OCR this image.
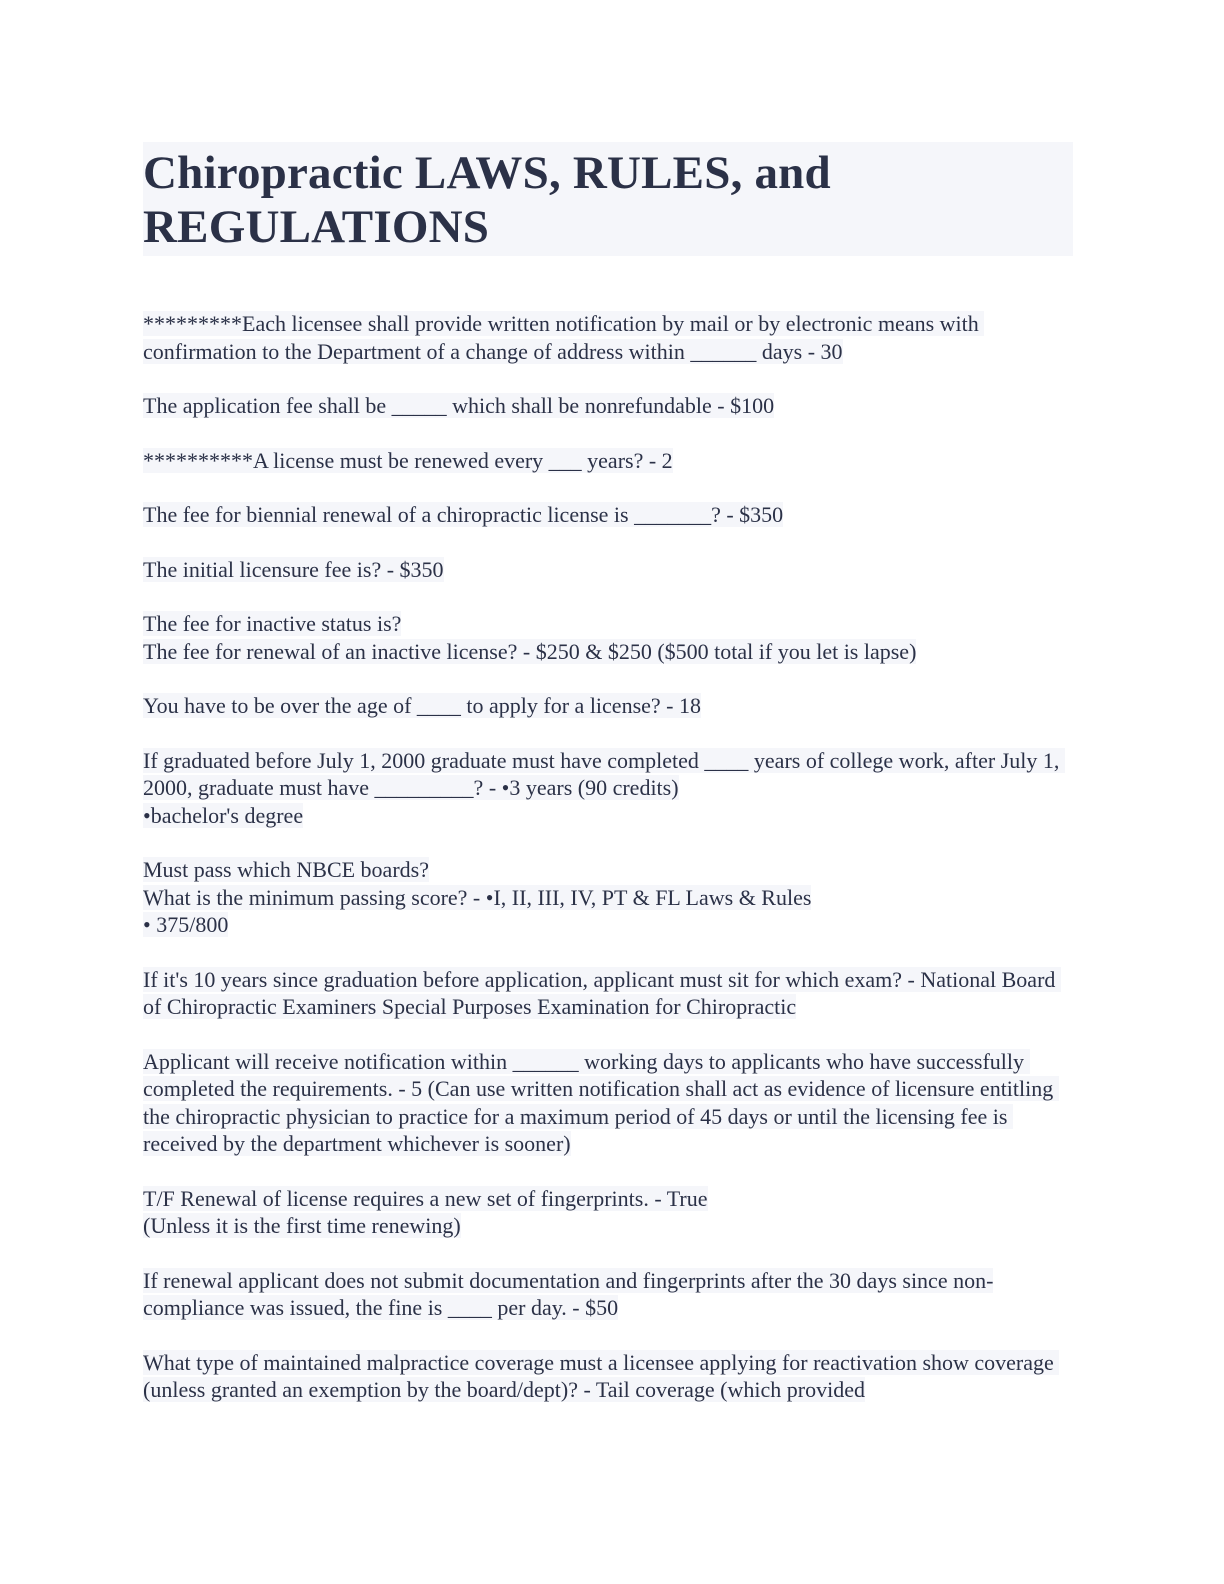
Chiropractic LAWS, RULES, and REGULATIONS

*********Each licensee shall provide written notification by mail or by electronic means with confirmation to the Department of a change of address within ______ days - 30

The application fee shall be _____ which shall be nonrefundable - $100

**********A license must be renewed every ___ years? - 2

The fee for biennial renewal of a chiropractic license is _______? - $350

The initial licensure fee is? - $350

The fee for inactive status is?
The fee for renewal of an inactive license? - $250 & $250 ($500 total if you let is lapse)

You have to be over the age of ____ to apply for a license? - 18

If graduated before July 1, 2000 graduate must have completed ____ years of college work, after July 1, 2000, graduate must have _________? - •3 years (90 credits)
•bachelor's degree

Must pass which NBCE boards?
What is the minimum passing score? - •I, II, III, IV, PT & FL Laws & Rules
• 375/800

If it's 10 years since graduation before application, applicant must sit for which exam? - National Board of Chiropractic Examiners Special Purposes Examination for Chiropractic

Applicant will receive notification within ______ working days to applicants who have successfully completed the requirements. - 5 (Can use written notification shall act as evidence of licensure entitling the chiropractic physician to practice for a maximum period of 45 days or until the licensing fee is received by the department whichever is sooner)

T/F Renewal of license requires a new set of fingerprints. - True
(Unless it is the first time renewing)

If renewal applicant does not submit documentation and fingerprints after the 30 days since non-compliance was issued, the fine is ____ per day. - $50

What type of maintained malpractice coverage must a licensee applying for reactivation show coverage (unless granted an exemption by the board/dept)? - Tail coverage (which provided
